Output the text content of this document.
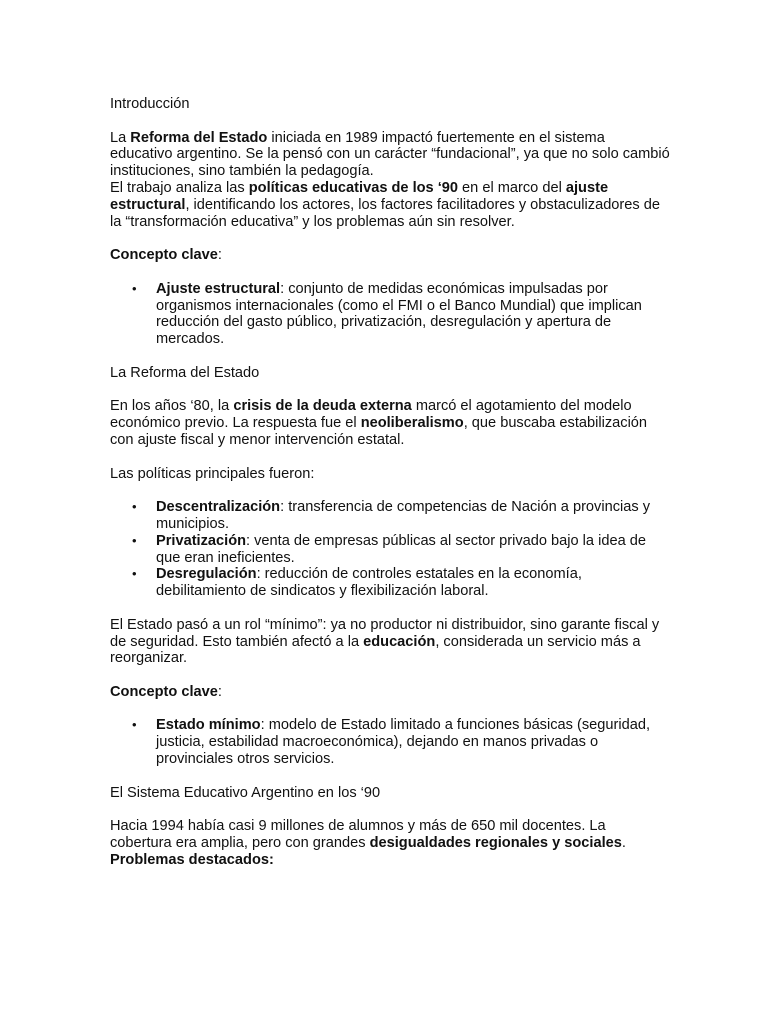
Introducción

La Reforma del Estado iniciada en 1989 impactó fuertemente en el sistema educativo argentino. Se la pensó con un carácter “fundacional”, ya que no solo cambió instituciones, sino también la pedagogía.
El trabajo analiza las políticas educativas de los ‘90 en el marco del ajuste estructural, identificando los actores, los factores facilitadores y obstaculizadores de la “transformación educativa” y los problemas aún sin resolver.

Concepto clave:

• Ajuste estructural: conjunto de medidas económicas impulsadas por organismos internacionales (como el FMI o el Banco Mundial) que implican reducción del gasto público, privatización, desregulación y apertura de mercados.

La Reforma del Estado

En los años ‘80, la crisis de la deuda externa marcó el agotamiento del modelo económico previo. La respuesta fue el neoliberalismo, que buscaba estabilización con ajuste fiscal y menor intervención estatal.

Las políticas principales fueron:

• Descentralización: transferencia de competencias de Nación a provincias y municipios.
• Privatización: venta de empresas públicas al sector privado bajo la idea de que eran ineficientes.
• Desregulación: reducción de controles estatales en la economía, debilitamiento de sindicatos y flexibilización laboral.

El Estado pasó a un rol “mínimo”: ya no productor ni distribuidor, sino garante fiscal y de seguridad. Esto también afectó a la educación, considerada un servicio más a reorganizar.

Concepto clave:

• Estado mínimo: modelo de Estado limitado a funciones básicas (seguridad, justicia, estabilidad macroeconómica), dejando en manos privadas o provinciales otros servicios.

El Sistema Educativo Argentino en los ‘90

Hacia 1994 había casi 9 millones de alumnos y más de 650 mil docentes. La cobertura era amplia, pero con grandes desigualdades regionales y sociales.
Problemas destacados:
